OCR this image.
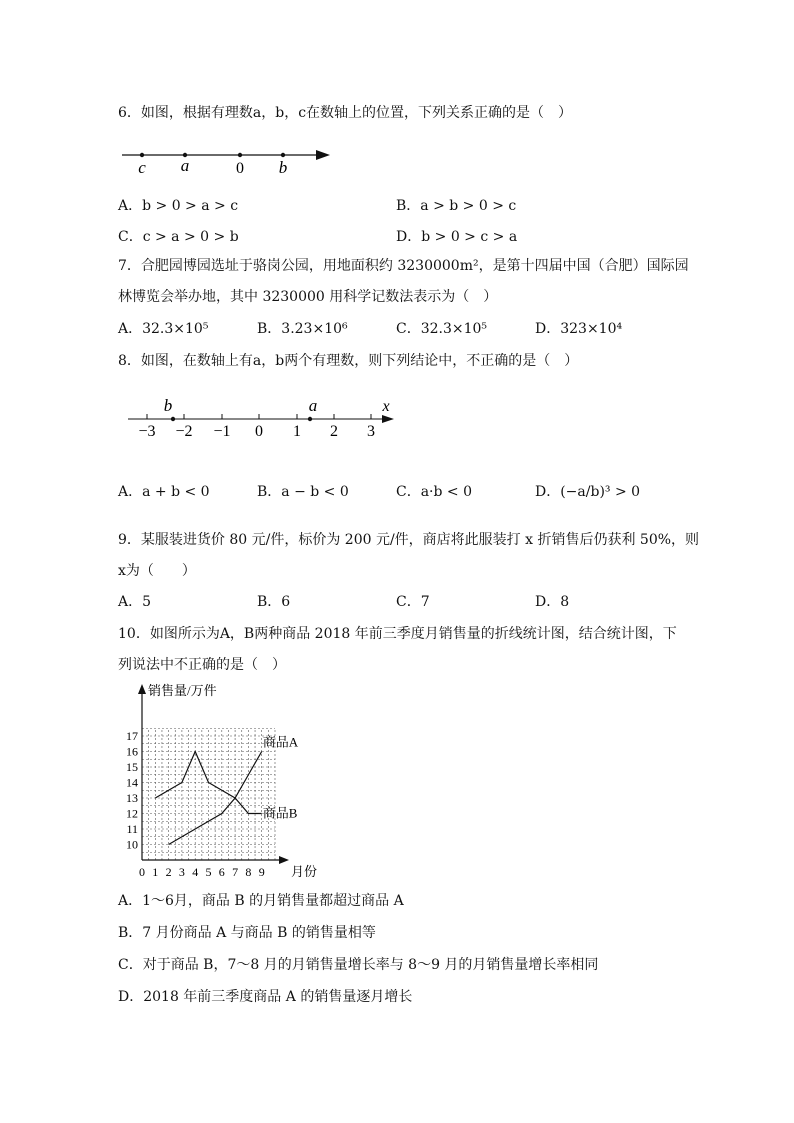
6．如图，根据有理数a，b，c在数轴上的位置，下列关系正确的是（　）
c a	0 b
A．b > 0 > a > c	B．a > b > 0 > c
C．c > a > 0 > b	D．b > 0 > c > a
7．合肥园博园选址于骆岗公园，用地面积约 3230000m²，是第十四届中国（合肥）国际园
林博览会举办地，其中 3230000 用科学记数法表示为（　）
A．32.3×10⁵	B．3.23×10⁶	C．32.3×10⁵	D．323×10⁴
8．如图，在数轴上有a，b两个有理数，则下列结论中，不正确的是（　）
b	a	x
−3 −2 −1 0 1 2 3
A．a + b < 0	B．a − b < 0	C．a·b < 0	D．(−a/b)³ > 0
9．某服装进货价 80 元/件，标价为 200 元/件，商店将此服装打 x 折销售后仍获利 50%，则
x为（　　）
A．5	B．6	C．7	D．8
10．如图所示为A，B两种商品 2018 年前三季度月销售量的折线统计图，结合统计图，下
列说法中不正确的是（　）
10
11
12
13
14
15
16
17
0 1 2 3 4 5 6 7 8 9
销售量/万件
月份
商品A
商品B
A．1～6月，商品 B 的月销售量都超过商品 A
B．7 月份商品 A 与商品 B 的销售量相等
C．对于商品 B，7～8 月的月销售量增长率与 8～9 月的月销售量增长率相同
D．2018 年前三季度商品 A 的销售量逐月增长
